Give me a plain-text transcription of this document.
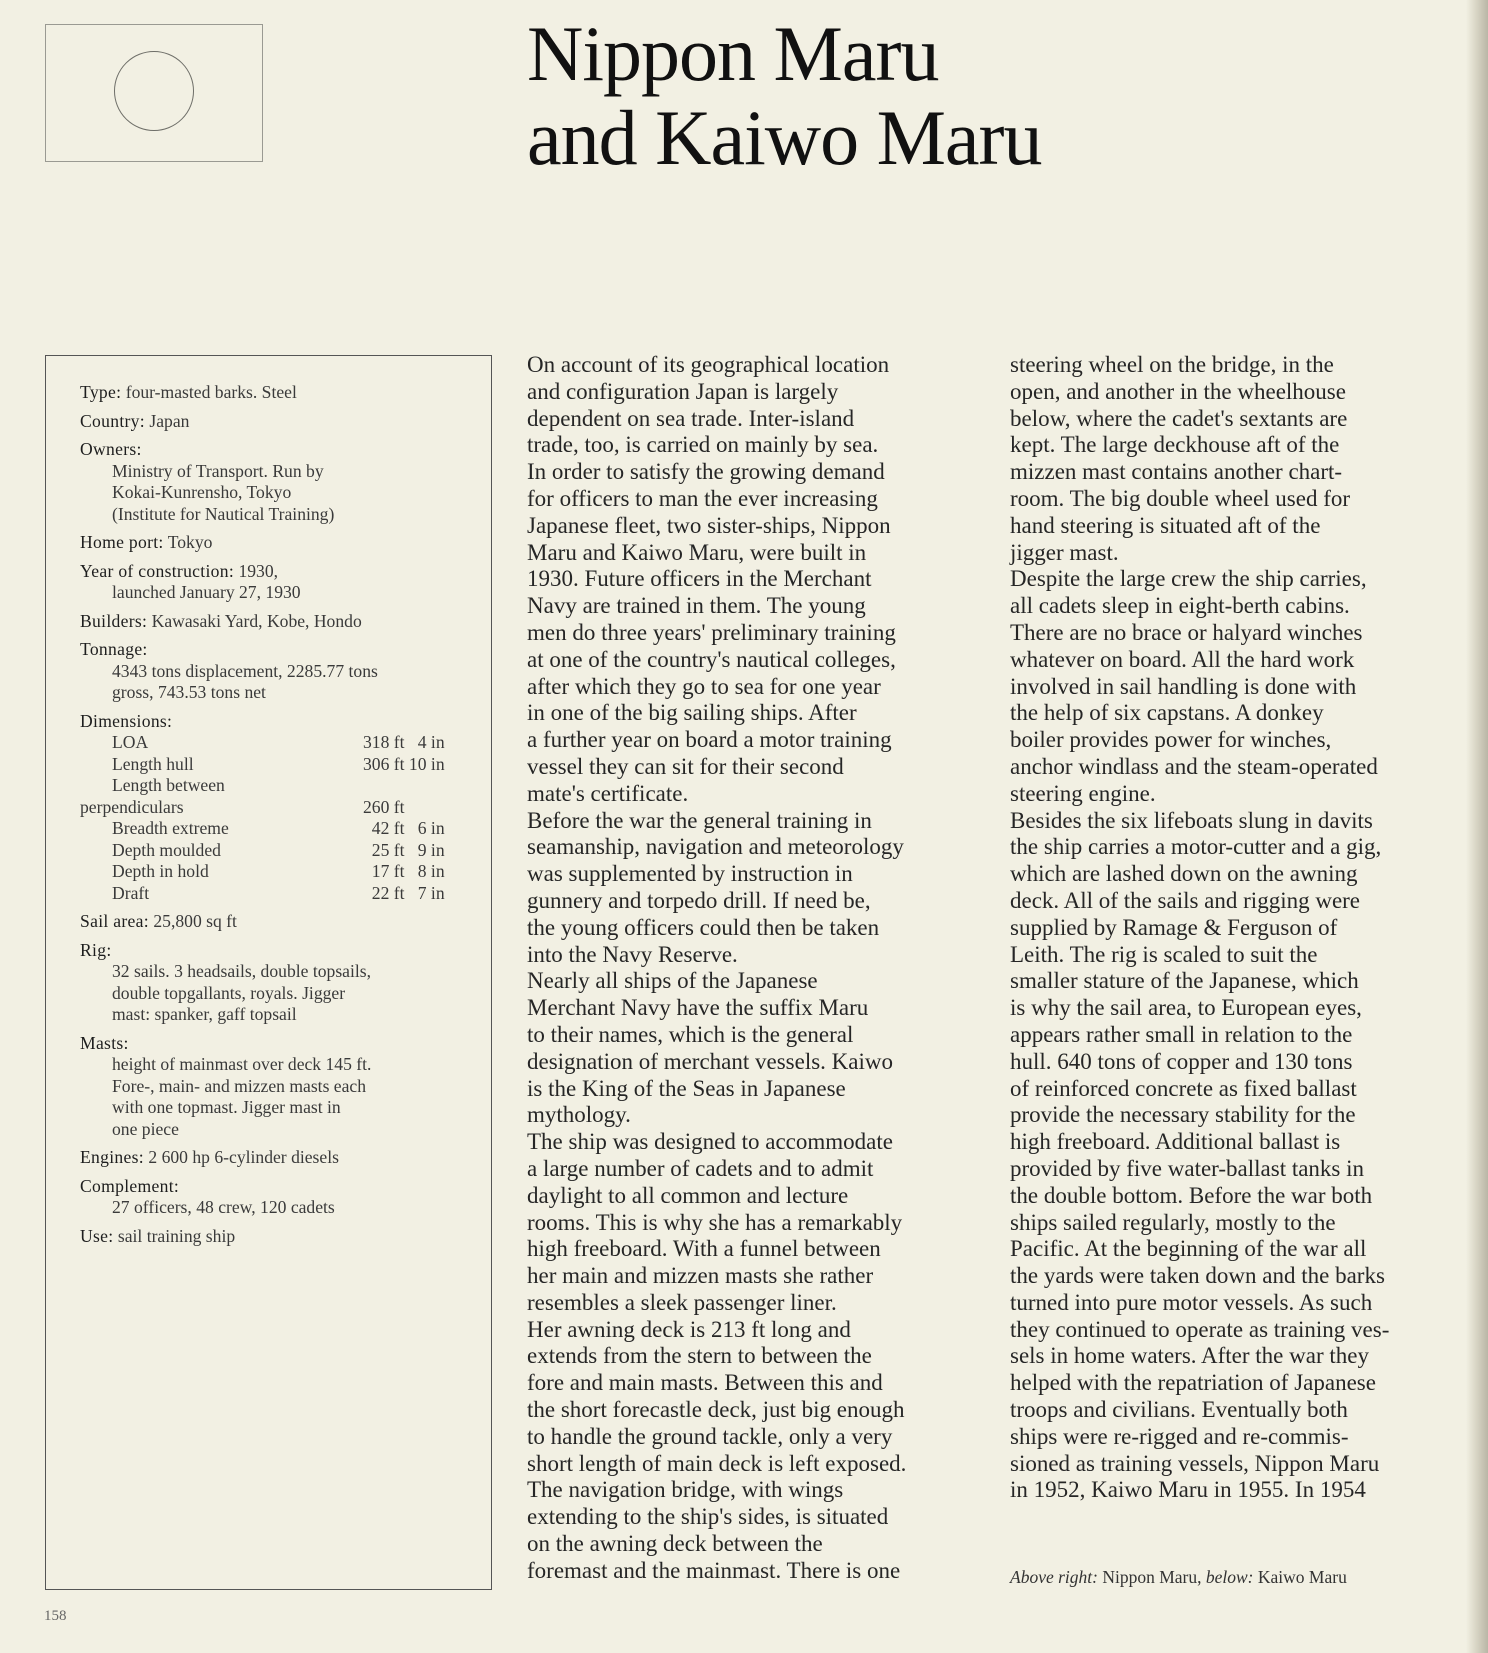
Nippon Maru
and Kaiwo Maru
Type: four-masted barks. Steel
Country: Japan
Owners:
Ministry of Transport. Run by
Kokai-Kunrensho, Tokyo
(Institute for Nautical Training)
Home port: Tokyo
Year of construction: 1930,
launched January 27, 1930
Builders: Kawasaki Yard, Kobe, Hondo
Tonnage:
4343 tons displacement, 2285.77 tons
gross, 743.53 tons net
Dimensions:
LOA	318 ft   4 in
Length hull	306 ft 10 in
Length between	
perpendiculars	260 ft
Breadth extreme	42 ft   6 in
Depth moulded	25 ft   9 in
Depth in hold	17 ft   8 in
Draft	22 ft   7 in
Sail area: 25,800 sq ft
Rig:
32 sails. 3 headsails, double topsails,
double topgallants, royals. Jigger
mast: spanker, gaff topsail
Masts:
height of mainmast over deck 145 ft.
Fore-, main- and mizzen masts each
with one topmast. Jigger mast in
one piece
Engines: 2 600 hp 6-cylinder diesels
Complement:
27 officers, 48 crew, 120 cadets
Use: sail training ship
On account of its geographical location
and configuration Japan is largely
dependent on sea trade. Inter-island
trade, too, is carried on mainly by sea.
In order to satisfy the growing demand
for officers to man the ever increasing
Japanese fleet, two sister-ships, Nippon
Maru and Kaiwo Maru, were built in
1930. Future officers in the Merchant
Navy are trained in them. The young
men do three years' preliminary training
at one of the country's nautical colleges,
after which they go to sea for one year
in one of the big sailing ships. After
a further year on board a motor training
vessel they can sit for their second
mate's certificate.
Before the war the general training in
seamanship, navigation and meteorology
was supplemented by instruction in
gunnery and torpedo drill. If need be,
the young officers could then be taken
into the Navy Reserve.
Nearly all ships of the Japanese
Merchant Navy have the suffix Maru
to their names, which is the general
designation of merchant vessels. Kaiwo
is the King of the Seas in Japanese
mythology.
The ship was designed to accommodate
a large number of cadets and to admit
daylight to all common and lecture
rooms. This is why she has a remarkably
high freeboard. With a funnel between
her main and mizzen masts she rather
resembles a sleek passenger liner.
Her awning deck is 213 ft long and
extends from the stern to between the
fore and main masts. Between this and
the short forecastle deck, just big enough
to handle the ground tackle, only a very
short length of main deck is left exposed.
The navigation bridge, with wings
extending to the ship's sides, is situated
on the awning deck between the
foremast and the mainmast. There is one
steering wheel on the bridge, in the
open, and another in the wheelhouse
below, where the cadet's sextants are
kept. The large deckhouse aft of the
mizzen mast contains another chart-
room. The big double wheel used for
hand steering is situated aft of the
jigger mast.
Despite the large crew the ship carries,
all cadets sleep in eight-berth cabins.
There are no brace or halyard winches
whatever on board. All the hard work
involved in sail handling is done with
the help of six capstans. A donkey
boiler provides power for winches,
anchor windlass and the steam-operated
steering engine.
Besides the six lifeboats slung in davits
the ship carries a motor-cutter and a gig,
which are lashed down on the awning
deck. All of the sails and rigging were
supplied by Ramage & Ferguson of
Leith. The rig is scaled to suit the
smaller stature of the Japanese, which
is why the sail area, to European eyes,
appears rather small in relation to the
hull. 640 tons of copper and 130 tons
of reinforced concrete as fixed ballast
provide the necessary stability for the
high freeboard. Additional ballast is
provided by five water-ballast tanks in
the double bottom. Before the war both
ships sailed regularly, mostly to the
Pacific. At the beginning of the war all
the yards were taken down and the barks
turned into pure motor vessels. As such
they continued to operate as training ves-
sels in home waters. After the war they
helped with the repatriation of Japanese
troops and civilians. Eventually both
ships were re-rigged and re-commis-
sioned as training vessels, Nippon Maru
in 1952, Kaiwo Maru in 1955. In 1954
Above right: Nippon Maru, below: Kaiwo Maru
158
